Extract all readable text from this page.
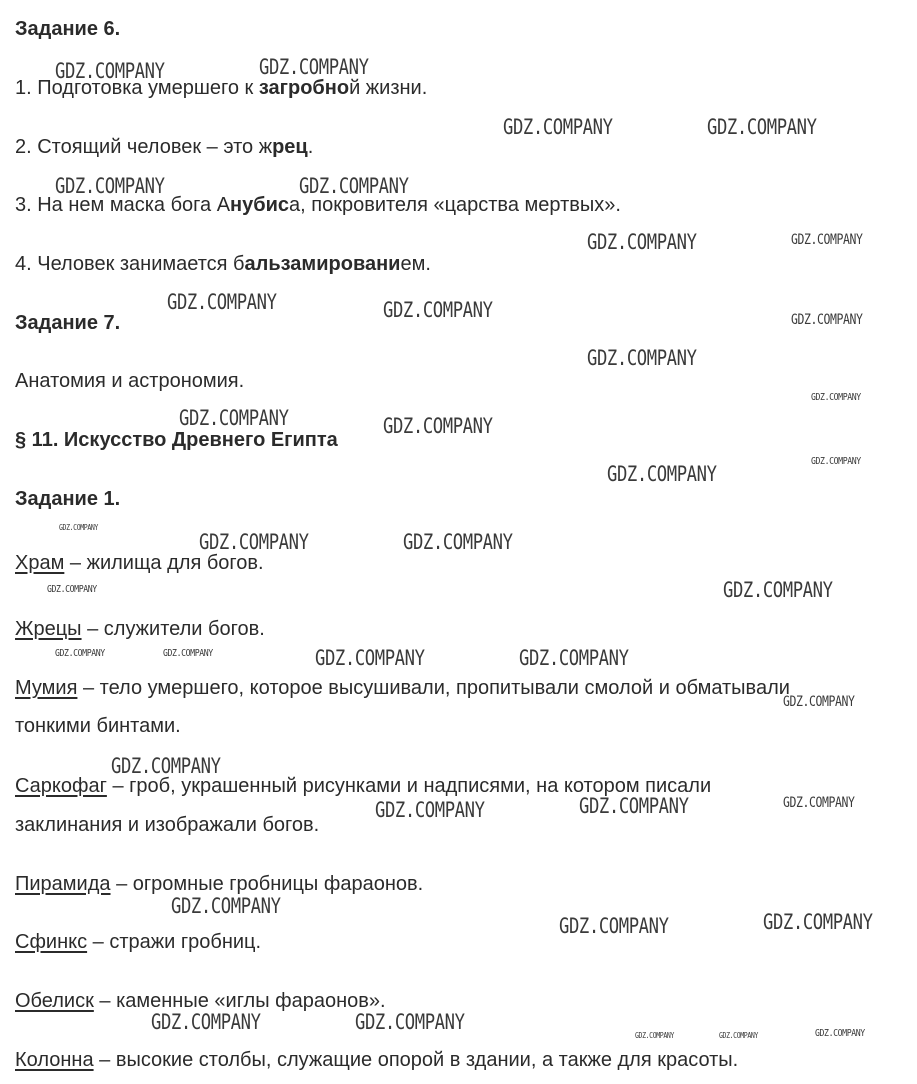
Задание 6.
1. Подготовка умершего к загробной жизни.
2. Стоящий человек – это жрец.
3. На нем маска бога Анубиса, покровителя «царства мертвых».
4. Человек занимается бальзамированием.
Задание 7.
Анатомия и астрономия.
§ 11. Искусство Древнего Египта
Задание 1.
Храм – жилища для богов.
Жрецы – служители богов.
Мумия – тело умершего, которое высушивали, пропитывали смолой и обматывали
тонкими бинтами.
Саркофаг – гроб, украшенный рисунками и надписями, на котором писали
заклинания и изображали богов.
Пирамида – огромные гробницы фараонов.
Сфинкс – стражи гробниц.
Обелиск – каменные «иглы фараонов».
Колонна – высокие столбы, служащие опорой в здании, а также для красоты.
GDZ.COMPANY	GDZ.COMPANY
GDZ.COMPANY	GDZ.COMPANY
GDZ.COMPANY	GDZ.COMPANY
GDZ.COMPANY	GDZ.COMPANY
GDZ.COMPANY	GDZ.COMPANY	GDZ.COMPANY
GDZ.COMPANY
GDZ.COMPANY
GDZ.COMPANY	GDZ.COMPANY
GDZ.COMPANY
GDZ.COMPANY
GDZ.COMPANY
GDZ.COMPANY	GDZ.COMPANY
GDZ.COMPANY	GDZ.COMPANY
GDZ.COMPANY	GDZ.COMPANY	GDZ.COMPANY	GDZ.COMPANY
GDZ.COMPANY
GDZ.COMPANY
GDZ.COMPANY	GDZ.COMPANY	GDZ.COMPANY
GDZ.COMPANY
GDZ.COMPANY	GDZ.COMPANY
GDZ.COMPANY	GDZ.COMPANY
GDZ.COMPANY	GDZ.COMPANY	GDZ.COMPANY
